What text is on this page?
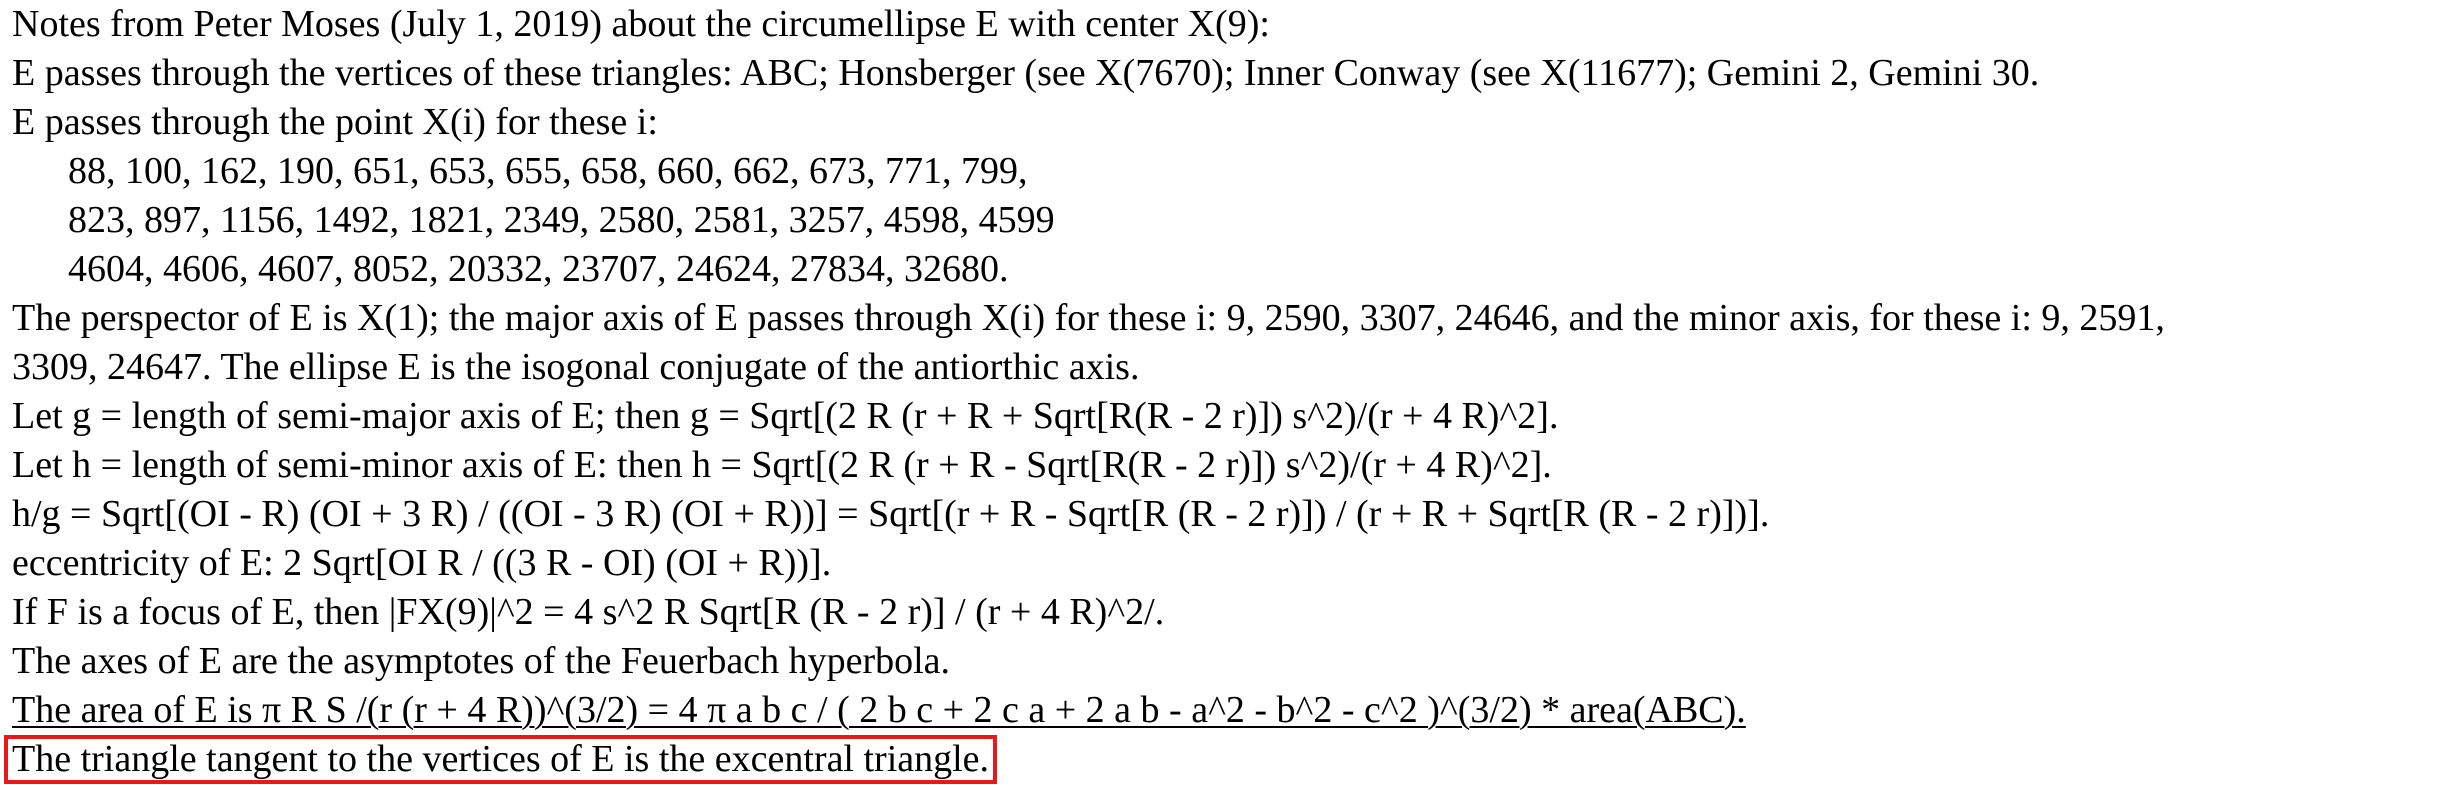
Notes from Peter Moses (July 1, 2019) about the circumellipse E with center X(9):
E passes through the vertices of these triangles: ABC; Honsberger (see X(7670); Inner Conway (see X(11677); Gemini 2, Gemini 30.
E passes through the point X(i) for these i:
88, 100, 162, 190, 651, 653, 655, 658, 660, 662, 673, 771, 799,
823, 897, 1156, 1492, 1821, 2349, 2580, 2581, 3257, 4598, 4599
4604, 4606, 4607, 8052, 20332, 23707, 24624, 27834, 32680.
The perspector of E is X(1); the major axis of E passes through X(i) for these i: 9, 2590, 3307, 24646, and the minor axis, for these i: 9, 2591,
3309, 24647. The ellipse E is the isogonal conjugate of the antiorthic axis.
Let g = length of semi-major axis of E; then g = Sqrt[(2 R (r + R + Sqrt[R(R - 2 r)]) s^2)/(r + 4 R)^2].
Let h = length of semi-minor axis of E: then h = Sqrt[(2 R (r + R - Sqrt[R(R - 2 r)]) s^2)/(r + 4 R)^2].
h/g = Sqrt[(OI - R) (OI + 3 R) / ((OI - 3 R) (OI + R))] = Sqrt[(r + R - Sqrt[R (R - 2 r)]) / (r + R + Sqrt[R (R - 2 r)])].
eccentricity of E: 2 Sqrt[OI R / ((3 R - OI) (OI + R))].
If F is a focus of E, then |FX(9)|^2 = 4 s^2 R Sqrt[R (R - 2 r)] / (r + 4 R)^2/.
The axes of E are the asymptotes of the Feuerbach hyperbola.
The area of E is π R S /(r (r + 4 R))^(3/2) = 4 π a b c / ( 2 b c + 2 c a + 2 a b - a^2 - b^2 - c^2 )^(3/2) * area(ABC).
The triangle tangent to the vertices of E is the excentral triangle.
